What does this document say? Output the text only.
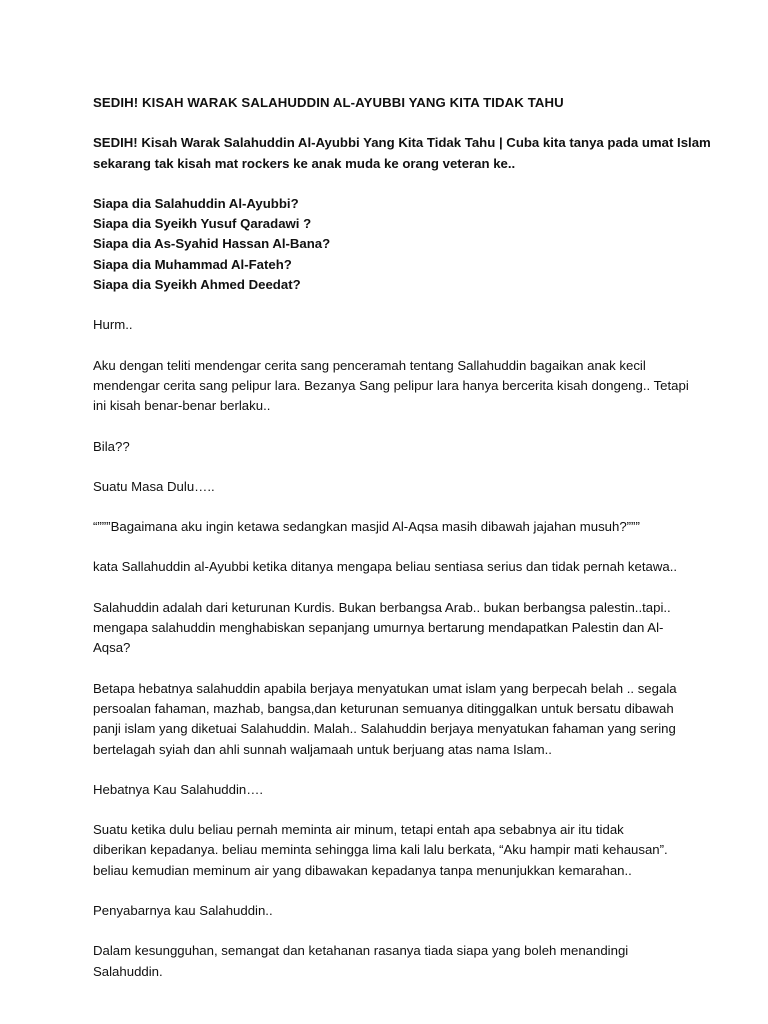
SEDIH! KISAH WARAK SALAHUDDIN AL-AYUBBI YANG KITA TIDAK TAHU

SEDIH! Kisah Warak Salahuddin Al-Ayubbi Yang Kita Tidak Tahu | Cuba kita tanya pada umat Islam

sekarang tak kisah mat rockers ke anak muda ke orang veteran ke..

Siapa dia Salahuddin Al-Ayubbi?

Siapa dia Syeikh Yusuf Qaradawi ?

Siapa dia As-Syahid Hassan Al-Bana?

Siapa dia Muhammad Al-Fateh?

Siapa dia Syeikh Ahmed Deedat?

Hurm..

Aku dengan teliti mendengar cerita sang penceramah tentang Sallahuddin bagaikan anak kecil

mendengar cerita sang pelipur lara. Bezanya Sang pelipur lara hanya bercerita kisah dongeng.. Tetapi

ini kisah benar-benar berlaku..

Bila??

Suatu Masa Dulu…..

“”””Bagaimana aku ingin ketawa sedangkan masjid Al-Aqsa masih dibawah jajahan musuh?”””

kata Sallahuddin al-Ayubbi ketika ditanya mengapa beliau sentiasa serius dan tidak pernah ketawa..

Salahuddin adalah dari keturunan Kurdis. Bukan berbangsa Arab.. bukan berbangsa palestin..tapi..

mengapa salahuddin menghabiskan sepanjang umurnya bertarung mendapatkan Palestin dan Al-

Aqsa?

Betapa hebatnya salahuddin apabila berjaya menyatukan umat islam yang berpecah belah .. segala

persoalan fahaman, mazhab, bangsa,dan keturunan semuanya ditinggalkan untuk bersatu dibawah

panji islam yang diketuai Salahuddin. Malah.. Salahuddin berjaya menyatukan fahaman yang sering

bertelagah syiah dan ahli sunnah waljamaah untuk berjuang atas nama Islam..

Hebatnya Kau Salahuddin….

Suatu ketika dulu beliau pernah meminta air minum, tetapi entah apa sebabnya air itu tidak

diberikan kepadanya. beliau meminta sehingga lima kali lalu berkata, “Aku hampir mati kehausan”.

beliau kemudian meminum air yang dibawakan kepadanya tanpa menunjukkan kemarahan..

Penyabarnya kau Salahuddin..

Dalam kesungguhan, semangat dan ketahanan rasanya tiada siapa yang boleh menandingi

Salahuddin.
